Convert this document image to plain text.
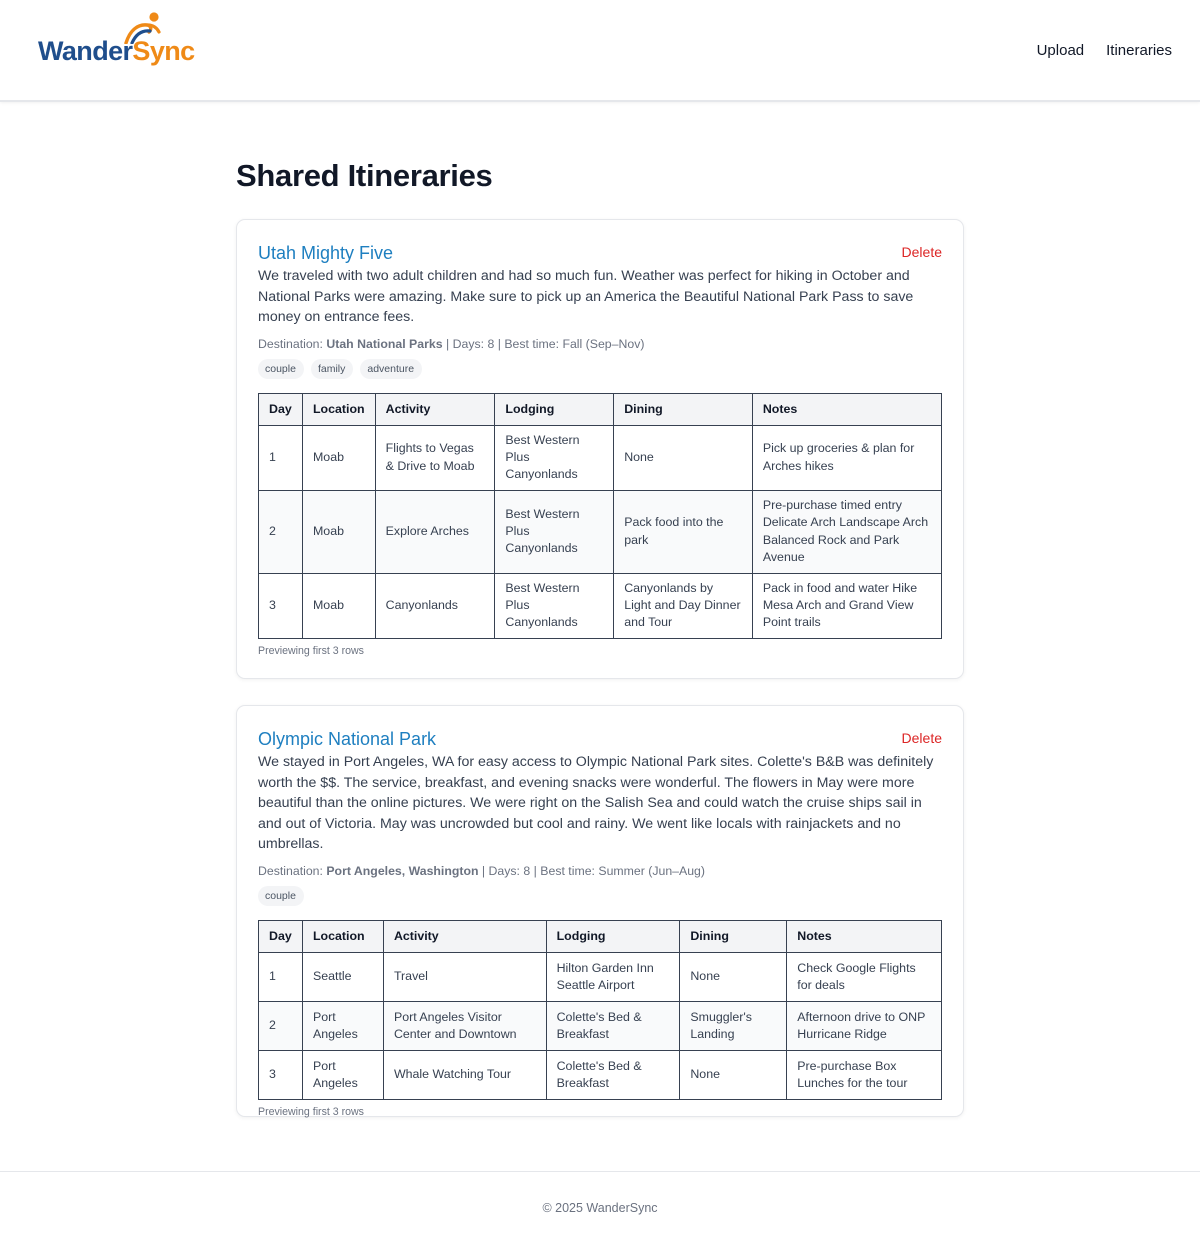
WanderSync	Upload Itineraries
Shared Itineraries
Utah Mighty Five	Delete

We traveled with two adult children and had so much fun. Weather was perfect for hiking in October and National Parks were amazing. Make sure to pick up an America the Beautiful National Park Pass to save money on entrance fees.

Destination: Utah National Parks | Days: 8 | Best time: Fall (Sep–Nov)
couple	family	adventure
Day	Location	Activity	Lodging	Dining	Notes
1	Moab	Flights to Vegas & Drive to Moab	Best Western Plus Canyonlands	None	Pick up groceries & plan for Arches hikes
2	Moab	Explore Arches	Best Western Plus Canyonlands	Pack food into the park	Pre-purchase timed entry Delicate Arch Landscape Arch Balanced Rock and Park Avenue
3	Moab	Canyonlands	Best Western Plus Canyonlands	Canyonlands by Light and Day Dinner and Tour	Pack in food and water Hike Mesa Arch and Grand View Point trails

Previewing first 3 rows

Olympic National Park	Delete

We stayed in Port Angeles, WA for easy access to Olympic National Park sites. Colette's B&B was definitely worth the $$. The service, breakfast, and evening snacks were wonderful. The flowers in May were more beautiful than the online pictures. We were right on the Salish Sea and could watch the cruise ships sail in and out of Victoria. May was uncrowded but cool and rainy. We went like locals with rainjackets and no umbrellas.

Destination: Port Angeles, Washington | Days: 8 | Best time: Summer (Jun–Aug)
couple
Day	Location	Activity	Lodging	Dining	Notes
1	Seattle	Travel	Hilton Garden Inn Seattle Airport	None	Check Google Flights for deals
2	Port Angeles	Port Angeles Visitor Center and Downtown	Colette's Bed & Breakfast	Smuggler's Landing	Afternoon drive to ONP Hurricane Ridge
3	Port Angeles	Whale Watching Tour	Colette's Bed & Breakfast	None	Pre-purchase Box Lunches for the tour

Previewing first 3 rows

© 2025 WanderSync
